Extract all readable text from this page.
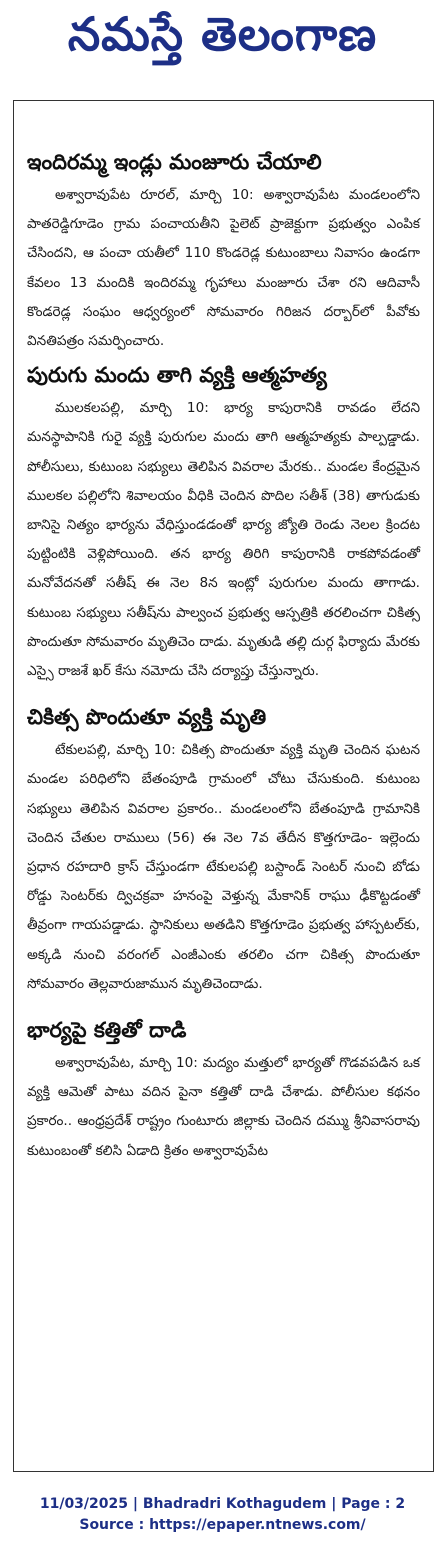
నమస్తే తెలంగాణ
ఇందిరమ్మ ఇండ్లు మంజూరు చేయాలి
అశ్వారావుపేట రూరల్, మార్చి 10: అశ్వారావుపేట మండలంలోని పాతరెడ్డిగూడెం గ్రామ పంచాయతీని పైలెట్ ప్రాజెక్టుగా ప్రభుత్వం ఎంపిక చేసిందని, ఆ పంచా యతీలో 110 కొండరెడ్ల కుటుంబాలు నివాసం ఉండగా కేవలం 13 మందికి ఇందిరమ్మ గృహాలు మంజూరు చేశా రని ఆదివాసీ కొండరెడ్ల సంఘం ఆధ్వర్యంలో సోమవారం గిరిజన దర్బార్‌లో పీవోకు వినతిపత్రం సమర్పించారు.
పురుగు మందు తాగి వ్యక్తి ఆత్మహత్య
ములకలపల్లి, మార్చి 10: భార్య కాపురానికి రావడం లేదని మనస్థాపానికి గురై వ్యక్తి పురుగుల మందు తాగి ఆత్మహత్యకు పాల్పడ్డాడు. పోలీసులు, కుటుంబ సభ్యులు తెలిపిన వివరాల మేరకు.. మండల కేంద్రమైన ములకల పల్లిలోని శివాలయం వీధికి చెందిన పొదిల సతీశ్ (38) తాగుడుకు బానిసై నిత్యం భార్యను వేధిస్తుండడంతో భార్య జ్యోతి రెండు నెలల క్రిందట పుట్టింటికి వెళ్లిపోయింది. తన భార్య తిరిగి కాపురానికి రాకపోవడంతో మనోవేదనతో సతీష్ ఈ నెల 8న ఇంట్లో పురుగుల మందు తాగాడు. కుటుంబ సభ్యులు సతీష్‌ను పాల్వంచ ప్రభుత్వ ఆస్పత్రికి తరలించగా చికిత్స పొందుతూ సోమవారం మృతిచెం దాడు. మృతుడి తల్లి దుర్గ ఫిర్యాదు మేరకు ఎస్సై రాజశే ఖర్ కేసు నమోదు చేసి దర్యాప్తు చేస్తున్నారు.
చికిత్స పొందుతూ వ్యక్తి మృతి
టేకులపల్లి, మార్చి 10: చికిత్స పొందుతూ వ్యక్తి మృతి చెందిన ఘటన మండల పరిధిలోని బేతంపూడి గ్రామంలో చోటు చేసుకుంది. కుటుంబ సభ్యులు తెలిపిన వివరాల ప్రకారం.. మండలంలోని బేతంపూడి గ్రామానికి చెందిన చేతుల రాములు (56) ఈ నెల 7వ తేదీన కొత్తగూడెం- ఇల్లెందు ప్రధాన రహదారి క్రాస్ చేస్తుండగా టేకులపల్లి బస్టాండ్ సెంటర్ నుంచి బోడు రోడ్డు సెంటర్‌కు ద్విచక్రవా హనంపై వెళ్తున్న మేకానిక్ రాఘు ఢీకొట్టడంతో తీవ్రంగా గాయపడ్డాడు. స్థానికులు అతడిని కొత్తగూడెం ప్రభుత్వ హాస్పటల్‌కు, అక్కడి నుంచి వరంగల్ ఎంజీఎంకు తరలిం చగా చికిత్స పొందుతూ సోమవారం తెల్లవారుజామున మృతిచెందాడు.
భార్యపై కత్తితో దాడి
అశ్వారావుపేట, మార్చి 10: మద్యం మత్తులో భార్యతో గొడవపడిన ఒక వ్యక్తి ఆమెతో పాటు వదిన పైనా కత్తితో దాడి చేశాడు. పోలీసుల కథనం ప్రకారం.. ఆంధ్రప్రదేశ్ రాష్ట్రం గుంటూరు జిల్లాకు చెందిన దమ్ము శ్రీనివాసరావు కుటుంబంతో కలిసి ఏడాది క్రితం అశ్వారావుపేట
11/03/2025 | Bhadradri Kothagudem | Page : 2
Source : https://epaper.ntnews.com/
